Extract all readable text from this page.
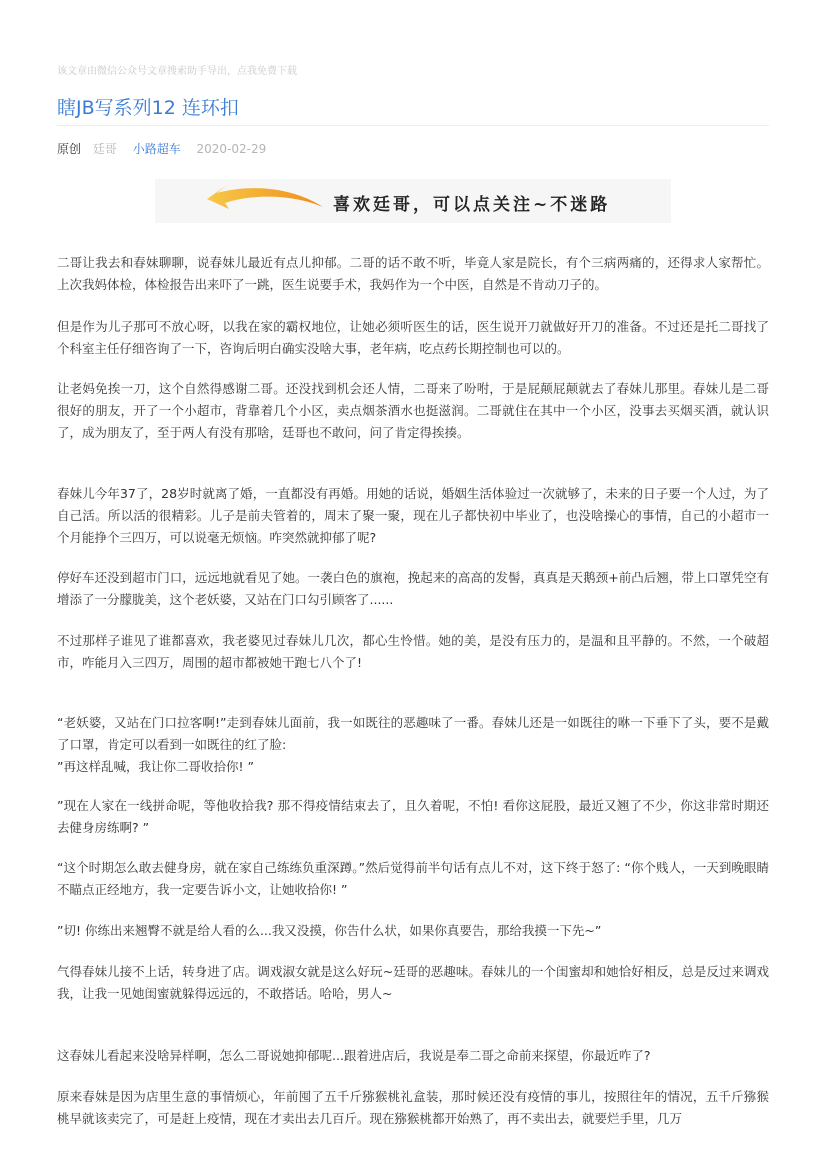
该文章由微信公众号文章搜索助手导出，点我免费下载
瞎JB写系列12 连环扣
原创 廷哥 小路超车 2020-02-29
喜欢廷哥，可以点关注~不迷路

二哥让我去和春妹聊聊，说春妹儿最近有点儿抑郁。二哥的话不敢不听，毕竟人家是院长，有个三病两痛的，还得求人家帮忙。上次我妈体检，体检报告出来吓了一跳，医生说要手术，我妈作为一个中医，自然是不肯动刀子的。

但是作为儿子那可不放心呀，以我在家的霸权地位，让她必须听医生的话，医生说开刀就做好开刀的准备。不过还是托二哥找了个科室主任仔细咨询了一下，咨询后明白确实没啥大事，老年病，吃点药长期控制也可以的。

让老妈免挨一刀，这个自然得感谢二哥。还没找到机会还人情，二哥来了吩咐，于是屁颠屁颠就去了春妹儿那里。春妹儿是二哥很好的朋友，开了一个小超市，背靠着几个小区，卖点烟茶酒水也挺滋润。二哥就住在其中一个小区，没事去买烟买酒，就认识了，成为朋友了，至于两人有没有那啥，廷哥也不敢问，问了肯定得挨揍。

春妹儿今年37了，28岁时就离了婚，一直都没有再婚。用她的话说，婚姻生活体验过一次就够了，未来的日子要一个人过，为了自己活。所以活的很精彩。儿子是前夫管着的，周末了聚一聚，现在儿子都快初中毕业了，也没啥操心的事情，自己的小超市一个月能挣个三四万，可以说毫无烦恼。咋突然就抑郁了呢?

停好车还没到超市门口，远远地就看见了她。一袭白色的旗袍，挽起来的高高的发髻，真真是天鹅颈+前凸后翘，带上口罩凭空有增添了一分朦胧美，这个老妖婆，又站在门口勾引顾客了......

不过那样子谁见了谁都喜欢，我老婆见过春妹儿几次，都心生怜惜。她的美，是没有压力的，是温和且平静的。不然，一个破超市，咋能月入三四万，周围的超市都被她干跑七八个了!

“老妖婆，又站在门口拉客啊!”走到春妹儿面前，我一如既往的恶趣味了一番。春妹儿还是一如既往的咻一下垂下了头，要不是戴了口罩，肯定可以看到一如既往的红了脸:

”再这样乱喊，我让你二哥收拾你! ”

”现在人家在一线拼命呢，等他收拾我? 那不得疫情结束去了，且久着呢，不怕! 看你这屁股，最近又翘了不少，你这非常时期还去健身房练啊? ”

“这个时期怎么敢去健身房，就在家自己练练负重深蹲。”然后觉得前半句话有点儿不对，这下终于怒了: “你个贱人，一天到晚眼睛不瞄点正经地方，我一定要告诉小文，让她收拾你! ”

”切! 你练出来翘臀不就是给人看的么...我又没摸，你告什么状，如果你真要告，那给我摸一下先~”

气得春妹儿接不上话，转身进了店。调戏淑女就是这么好玩~廷哥的恶趣味。春妹儿的一个闺蜜却和她恰好相反，总是反过来调戏我，让我一见她闺蜜就躲得远远的，不敢搭话。哈哈，男人~

这春妹儿看起来没啥异样啊，怎么二哥说她抑郁呢...跟着进店后，我说是奉二哥之命前来探望，你最近咋了?

原来春妹是因为店里生意的事情烦心，年前囤了五千斤猕猴桃礼盒装，那时候还没有疫情的事儿，按照往年的情况，五千斤猕猴桃早就该卖完了，可是赶上疫情，现在才卖出去几百斤。现在猕猴桃都开始熟了，再不卖出去，就要烂手里，几万
